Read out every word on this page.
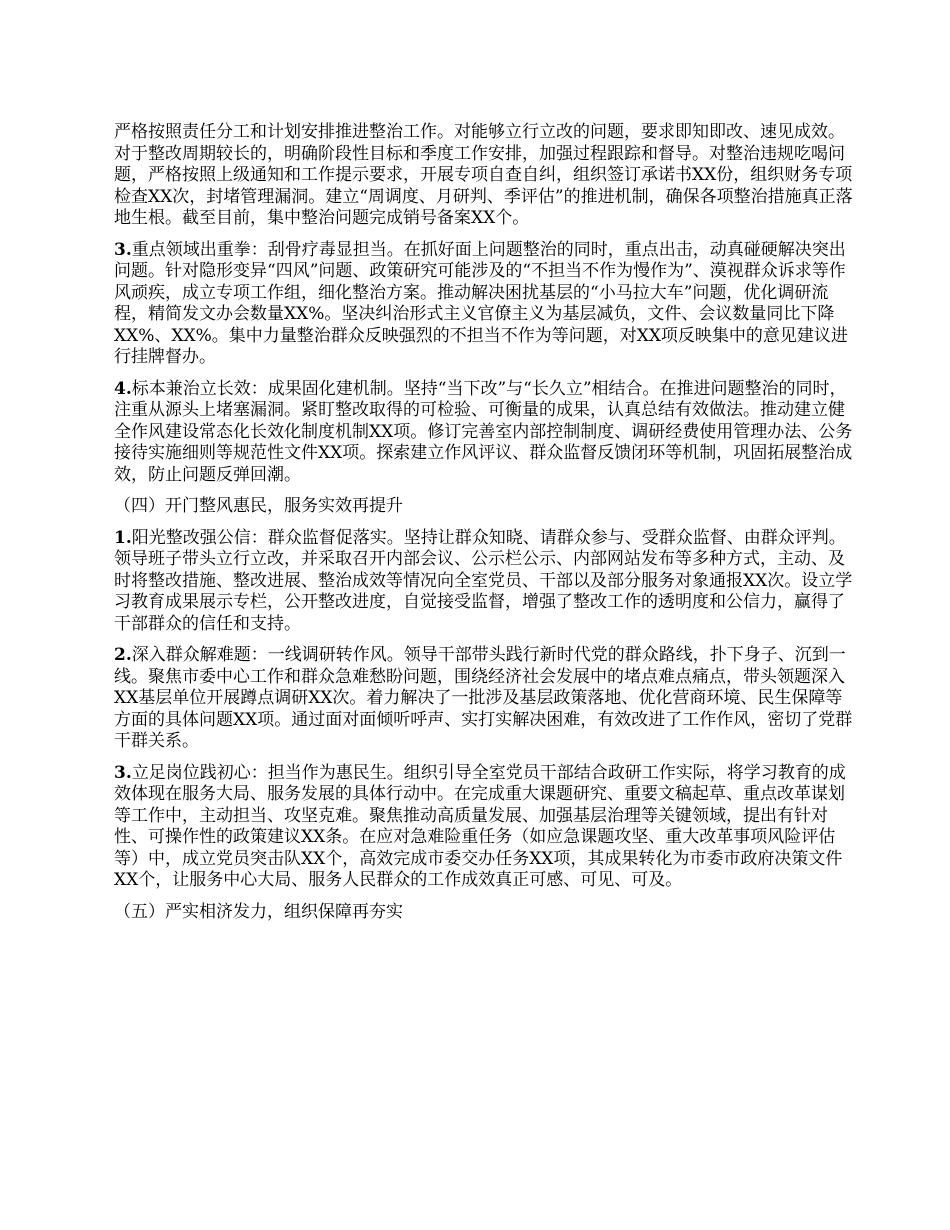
严格按照责任分工和计划安排推进整治工作。对能够立行立改的问题，要求即知即改、速见成效。对于整改周期较长的，明确阶段性目标和季度工作安排，加强过程跟踪和督导。对整治违规吃喝问题，严格按照上级通知和工作提示要求，开展专项自查自纠，组织签订承诺书XX份，组织财务专项检查XX次，封堵管理漏洞。建立“周调度、月研判、季评估”的推进机制，确保各项整治措施真正落地生根。截至目前，集中整治问题完成销号备案XX个。

3.重点领域出重拳：刮骨疗毒显担当。在抓好面上问题整治的同时，重点出击，动真碰硬解决突出问题。针对隐形变异“四风”问题、政策研究可能涉及的“不担当不作为慢作为”、漠视群众诉求等作风顽疾，成立专项工作组，细化整治方案。推动解决困扰基层的“小马拉大车”问题，优化调研流程，精简发文办会数量XX%。坚决纠治形式主义官僚主义为基层减负，文件、会议数量同比下降XX%、XX%。集中力量整治群众反映强烈的不担当不作为等问题，对XX项反映集中的意见建议进行挂牌督办。

4.标本兼治立长效：成果固化建机制。坚持“当下改”与“长久立”相结合。在推进问题整治的同时，注重从源头上堵塞漏洞。紧盯整改取得的可检验、可衡量的成果，认真总结有效做法。推动建立健全作风建设常态化长效化制度机制XX项。修订完善室内部控制制度、调研经费使用管理办法、公务接待实施细则等规范性文件XX项。探索建立作风评议、群众监督反馈闭环等机制，巩固拓展整治成效，防止问题反弹回潮。

（四）开门整风惠民，服务实效再提升

1.阳光整改强公信：群众监督促落实。坚持让群众知晓、请群众参与、受群众监督、由群众评判。领导班子带头立行立改，并采取召开内部会议、公示栏公示、内部网站发布等多种方式，主动、及时将整改措施、整改进展、整治成效等情况向全室党员、干部以及部分服务对象通报XX次。设立学习教育成果展示专栏，公开整改进度，自觉接受监督，增强了整改工作的透明度和公信力，赢得了干部群众的信任和支持。

2.深入群众解难题：一线调研转作风。领导干部带头践行新时代党的群众路线，扑下身子、沉到一线。聚焦市委中心工作和群众急难愁盼问题，围绕经济社会发展中的堵点难点痛点，带头领题深入XX基层单位开展蹲点调研XX次。着力解决了一批涉及基层政策落地、优化营商环境、民生保障等方面的具体问题XX项。通过面对面倾听呼声、实打实解决困难，有效改进了工作作风，密切了党群干群关系。

3.立足岗位践初心：担当作为惠民生。组织引导全室党员干部结合政研工作实际，将学习教育的成效体现在服务大局、服务发展的具体行动中。在完成重大课题研究、重要文稿起草、重点改革谋划等工作中，主动担当、攻坚克难。聚焦推动高质量发展、加强基层治理等关键领域，提出有针对性、可操作性的政策建议XX条。在应对急难险重任务（如应急课题攻坚、重大改革事项风险评估等）中，成立党员突击队XX个，高效完成市委交办任务XX项，其成果转化为市委市政府决策文件XX个，让服务中心大局、服务人民群众的工作成效真正可感、可见、可及。

（五）严实相济发力，组织保障再夯实
